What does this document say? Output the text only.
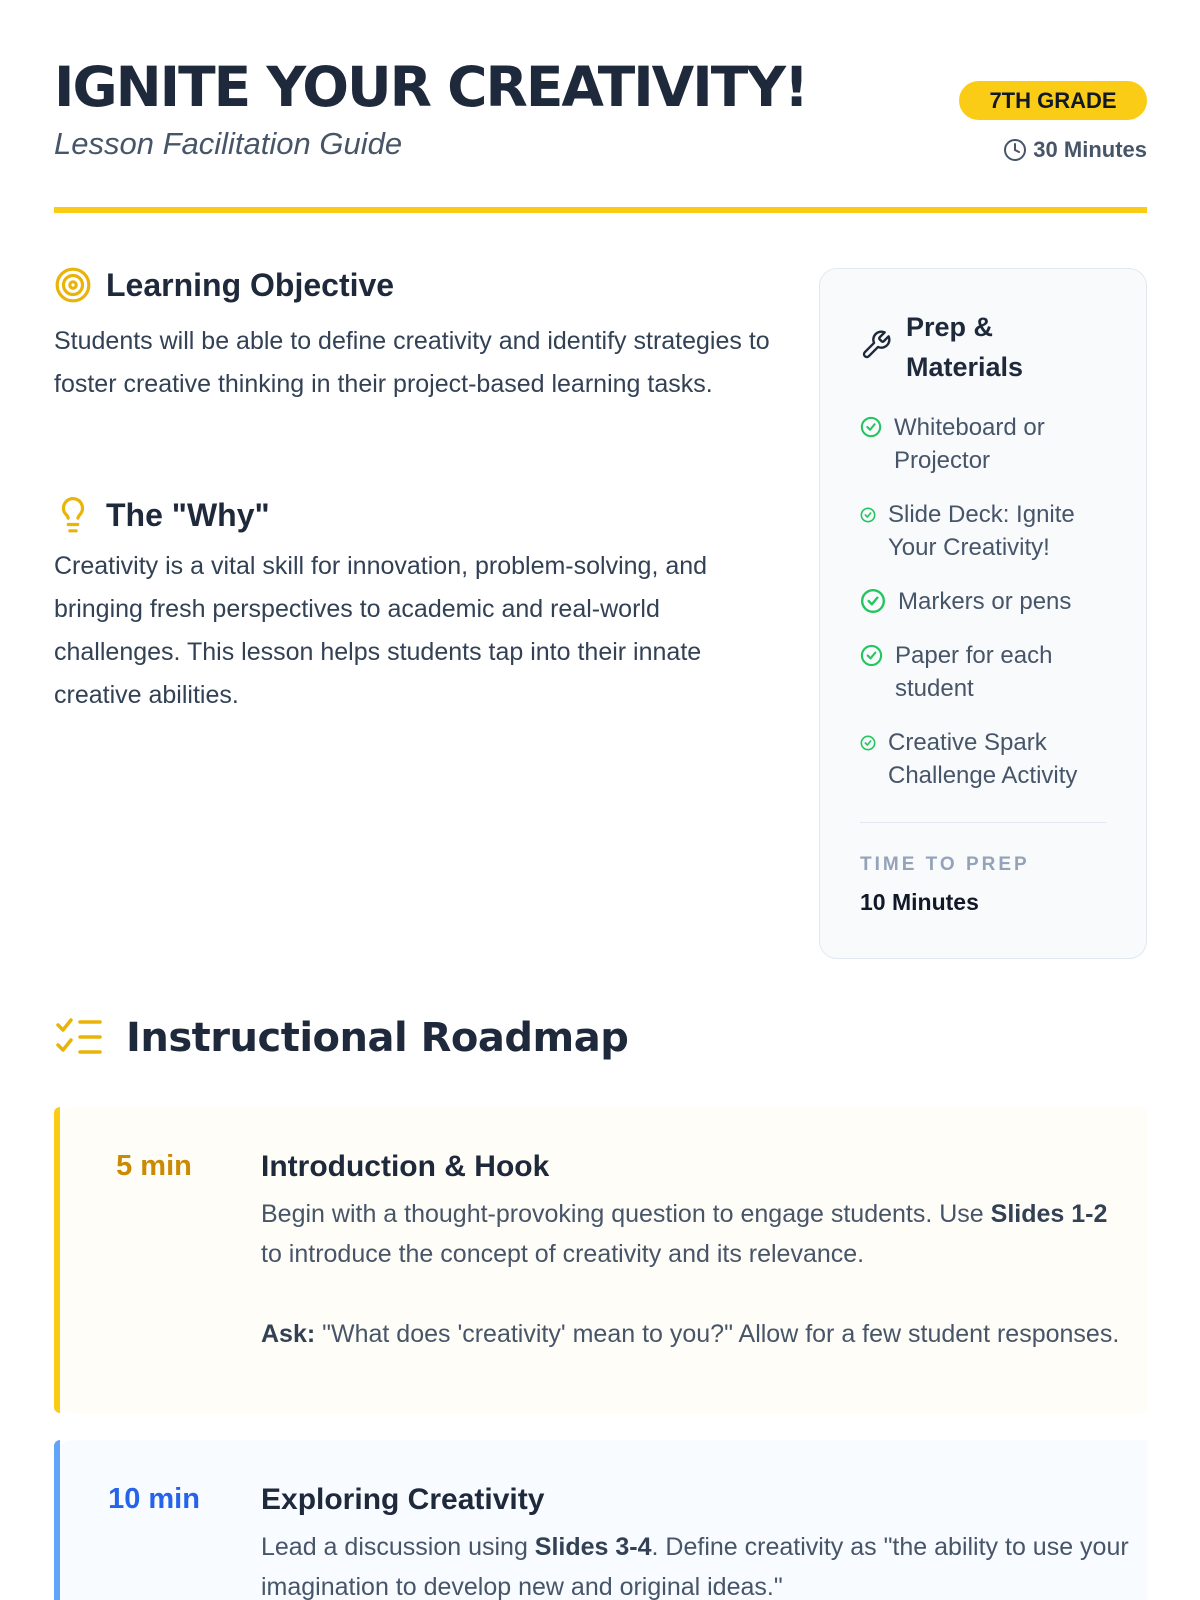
IGNITE YOUR CREATIVITY!
Lesson Facilitation Guide
7TH GRADE
30 Minutes
Learning Objective

Students will be able to define creativity and identify strategies to foster creative thinking in their project-based learning tasks.

The "Why"

Creativity is a vital skill for innovation, problem-solving, and bringing fresh perspectives to academic and real-world challenges. This lesson helps students tap into their innate creative abilities.

Prep & Materials
Whiteboard or Projector
Slide Deck: Ignite Your Creativity!
Markers or pens
Paper for each student
Creative Spark Challenge Activity
TIME TO PREP
10 Minutes
Instructional Roadmap
5 min	Introduction & Hook

Begin with a thought-provoking question to engage students. Use Slides 1-2 to introduce the concept of creativity and its relevance.

Ask: "What does 'creativity' mean to you?" Allow for a few student responses.

10 min	Exploring Creativity

Lead a discussion using Slides 3-4. Define creativity as "the ability to use your imagination to develop new and original ideas."
